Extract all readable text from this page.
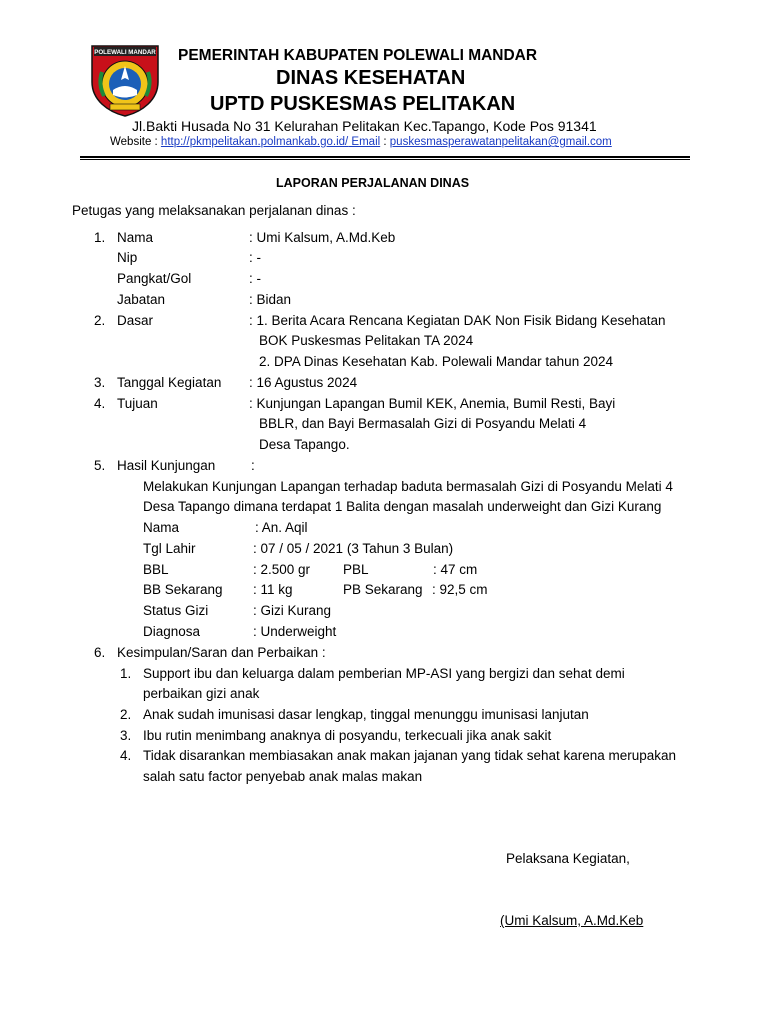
POLEWALI MANDAR PEMERINTAH KABUPATEN POLEWALI MANDAR
DINAS KESEHATAN
UPTD PUSKESMAS PELITAKAN
Jl.Bakti Husada No 31 Kelurahan Pelitakan Kec.Tapango, Kode Pos 91341
Website : http://pkmpelitakan.polmankab.go.id/ Email : puskesmasperawatanpelitakan@gmail.com
LAPORAN PERJALANAN DINAS
Petugas yang melaksanakan perjalanan dinas :
1. Nama	: Umi Kalsum, A.Md.Keb
Nip	: -
Pangkat/Gol	: -
Jabatan	: Bidan
2. Dasar	: 1. Berita Acara Rencana Kegiatan DAK Non Fisik Bidang Kesehatan
BOK Puskesmas Pelitakan TA 2024
2. DPA Dinas Kesehatan Kab. Polewali Mandar tahun 2024
3. Tanggal Kegiatan : 16 Agustus 2024
4. Tujuan	: Kunjungan Lapangan Bumil KEK, Anemia, Bumil Resti, Bayi
BBLR, dan Bayi Bermasalah Gizi di Posyandu Melati 4
Desa Tapango.
5. Hasil Kunjungan	:
Melakukan Kunjungan Lapangan terhadap baduta bermasalah Gizi di Posyandu Melati 4
Desa Tapango dimana terdapat 1 Balita dengan masalah underweight dan Gizi Kurang
Nama	: An. Aqil
Tgl Lahir	: 07 / 05 / 2021 (3 Tahun 3 Bulan)
BBL	: 2.500 gr PBL	: 47 cm
BB Sekarang : 11 kg	PB Sekarang : 92,5 cm
Status Gizi	: Gizi Kurang
Diagnosa	: Underweight
6. Kesimpulan/Saran dan Perbaikan :
1. Support ibu dan keluarga dalam pemberian MP-ASI yang bergizi dan sehat demi
perbaikan gizi anak
2. Anak sudah imunisasi dasar lengkap, tinggal menunggu imunisasi lanjutan
3. Ibu rutin menimbang anaknya di posyandu, terkecuali jika anak sakit
4. Tidak disarankan membiasakan anak makan jajanan yang tidak sehat karena merupakan
salah satu factor penyebab anak malas makan
Pelaksana Kegiatan,
(Umi Kalsum, A.Md.Keb
